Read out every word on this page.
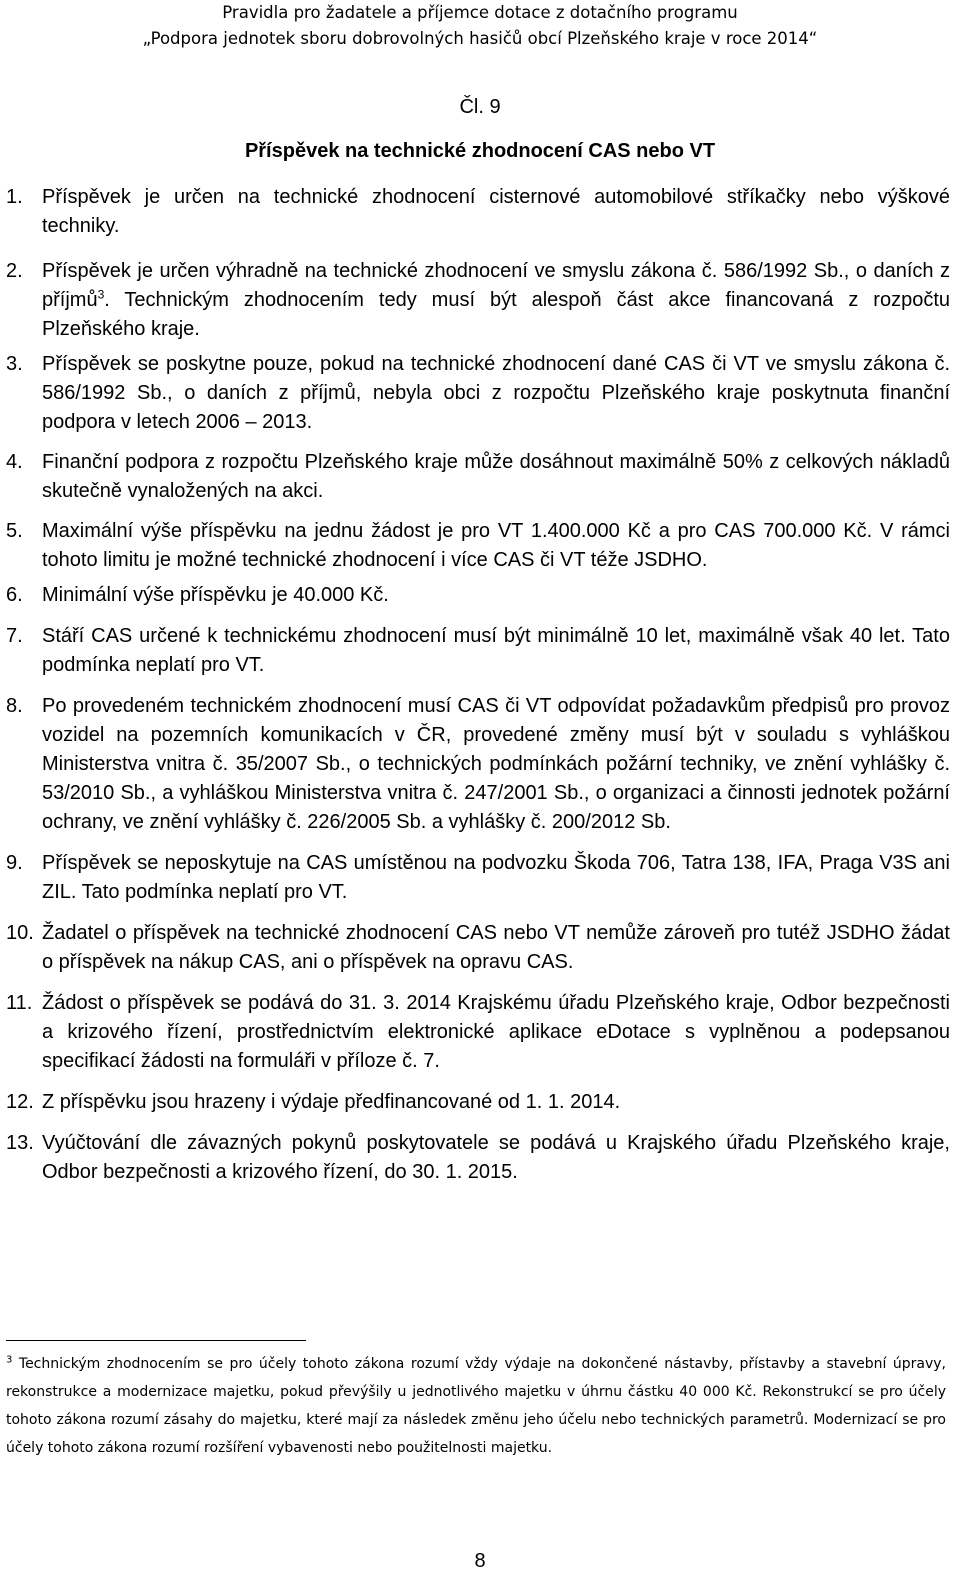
Pravidla pro žadatele a příjemce dotace z dotačního programu
„Podpora jednotek sboru dobrovolných hasičů obcí Plzeňského kraje v roce 2014“
Čl. 9
Příspěvek na technické zhodnocení CAS nebo VT
1. Příspěvek je určen na technické zhodnocení cisternové automobilové stříkačky nebo výškové techniky.
2. Příspěvek je určen výhradně na technické zhodnocení ve smyslu zákona č. 586/1992 Sb., o daních z příjmů$^3$. Technickým zhodnocením tedy musí být alespoň část akce financovaná z rozpočtu Plzeňského kraje.
3. Příspěvek se poskytne pouze, pokud na technické zhodnocení dané CAS či VT ve smyslu zákona č. 586/1992 Sb., o daních z příjmů, nebyla obci z rozpočtu Plzeňského kraje poskytnuta finanční podpora v letech 2006 – 2013.
4. Finanční podpora z rozpočtu Plzeňského kraje může dosáhnout maximálně 50% z celkových nákladů skutečně vynaložených na akci.
5. Maximální výše příspěvku na jednu žádost je pro VT 1.400.000 Kč a pro CAS 700.000 Kč. V rámci tohoto limitu je možné technické zhodnocení i více CAS či VT téže JSDHO.
6. Minimální výše příspěvku je 40.000 Kč.
7. Stáří CAS určené k technickému zhodnocení musí být minimálně 10 let, maximálně však 40 let. Tato podmínka neplatí pro VT.
8. Po provedeném technickém zhodnocení musí CAS či VT odpovídat požadavkům předpisů pro provoz vozidel na pozemních komunikacích v ČR, provedené změny musí být v souladu s vyhláškou Ministerstva vnitra č. 35/2007 Sb., o technických podmínkách požární techniky, ve znění vyhlášky č. 53/2010 Sb., a vyhláškou Ministerstva vnitra č. 247/2001 Sb., o organizaci a činnosti jednotek požární ochrany, ve znění vyhlášky č. 226/2005 Sb. a vyhlášky č. 200/2012 Sb.
9. Příspěvek se neposkytuje na CAS umístěnou na podvozku Škoda 706, Tatra 138, IFA, Praga V3S ani ZIL. Tato podmínka neplatí pro VT.
10. Žadatel o příspěvek na technické zhodnocení CAS nebo VT nemůže zároveň pro tutéž JSDHO žádat o příspěvek na nákup CAS, ani o příspěvek na opravu CAS.
11. Žádost o příspěvek se podává do 31. 3. 2014 Krajskému úřadu Plzeňského kraje, Odbor bezpečnosti a krizového řízení, prostřednictvím elektronické aplikace eDotace s vyplněnou a podepsanou specifikací žádosti na formuláři v příloze č. 7.
12. Z příspěvku jsou hrazeny i výdaje předfinancované od 1. 1. 2014.
13. Vyúčtování dle závazných pokynů poskytovatele se podává u Krajského úřadu Plzeňského kraje, Odbor bezpečnosti a krizového řízení, do 30. 1. 2015.
$^3$ Technickým zhodnocením se pro účely tohoto zákona rozumí vždy výdaje na dokončené nástavby, přístavby a stavební úpravy, rekonstrukce a modernizace majetku, pokud převýšily u jednotlivého majetku v úhrnu částku 40 000 Kč. Rekonstrukcí se pro účely tohoto zákona rozumí zásahy do majetku, které mají za následek změnu jeho účelu nebo technických parametrů. Modernizací se pro účely tohoto zákona rozumí rozšíření vybavenosti nebo použitelnosti majetku.
8
